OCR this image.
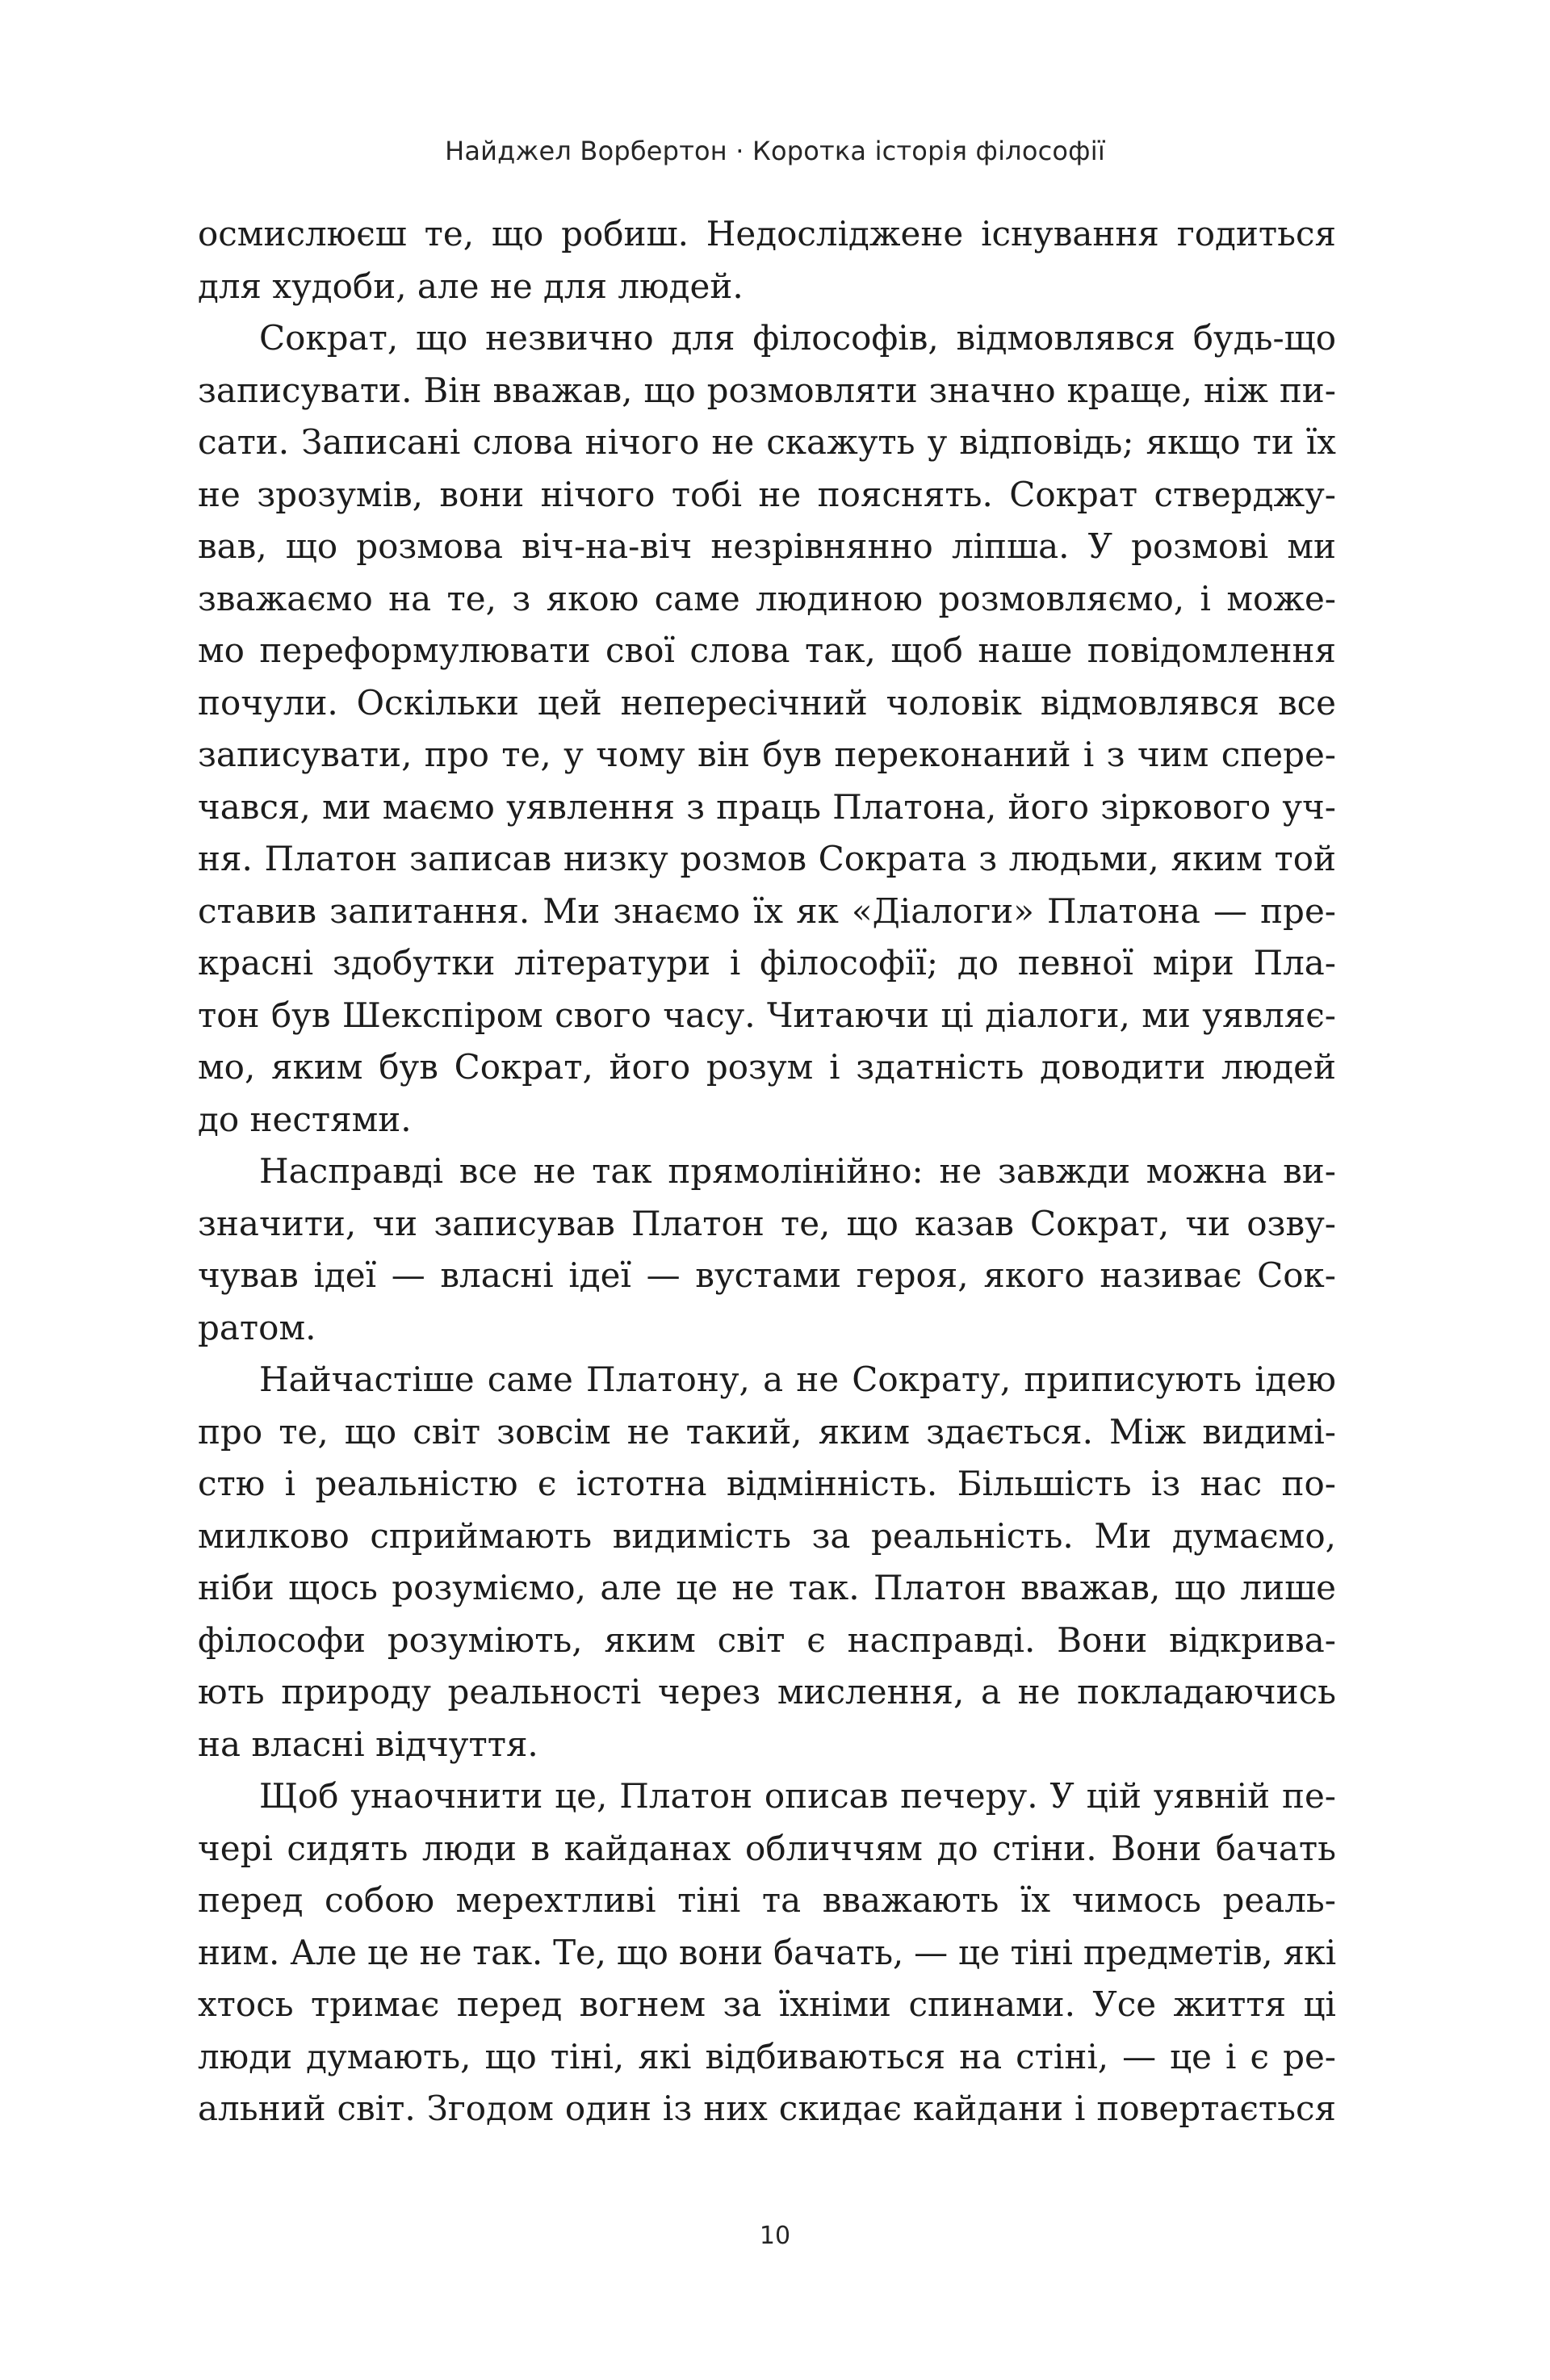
Найджел Ворбертон · Коротка історія філософії
осмислюєш те, що робиш. Недосліджене існування годиться
для худоби, але не для людей.
Сократ, що незвично для філософів, відмовлявся будь-що
записувати. Він вважав, що розмовляти значно краще, ніж пи-
сати. Записані слова нічого не скажуть у відповідь; якщо ти їх
не зрозумів, вони нічого тобі не пояснять. Сократ стверджу-
вав, що розмова віч-на-віч незрівнянно ліпша. У розмові ми
зважаємо на те, з якою саме людиною розмовляємо, і може-
мо переформулювати свої слова так, щоб наше повідомлення
почули. Оскільки цей непересічний чоловік відмовлявся все
записувати, про те, у чому він був переконаний і з чим спере-
чався, ми маємо уявлення з праць Платона, його зіркового уч-
ня. Платон записав низку розмов Сократа з людьми, яким той
ставив запитання. Ми знаємо їх як «Діалоги» Платона — пре-
красні здобутки літератури і філософії; до певної міри Пла-
тон був Шекспіром свого часу. Читаючи ці діалоги, ми уявляє-
мо, яким був Сократ, його розум і здатність доводити людей
до нестями.
Насправді все не так прямолінійно: не завжди можна ви-
значити, чи записував Платон те, що казав Сократ, чи озву-
чував ідеї — власні ідеї — вустами героя, якого називає Сок-
ратом.
Найчастіше саме Платону, а не Сократу, приписують ідею
про те, що світ зовсім не такий, яким здається. Між видимі-
стю і реальністю є істотна відмінність. Більшість із нас по-
милково сприймають видимість за реальність. Ми думаємо,
ніби щось розуміємо, але це не так. Платон вважав, що лише
філософи розуміють, яким світ є насправді. Вони відкрива-
ють природу реальності через мислення, а не покладаючись
на власні відчуття.
Щоб унаочнити це, Платон описав печеру. У цій уявній пе-
чері сидять люди в кайданах обличчям до стіни. Вони бачать
перед собою мерехтливі тіні та вважають їх чимось реаль-
ним. Але це не так. Те, що вони бачать, — це тіні предметів, які
хтось тримає перед вогнем за їхніми спинами. Усе життя ці
люди думають, що тіні, які відбиваються на стіні, — це і є ре-
альний світ. Згодом один із них скидає кайдани і повертається
10
